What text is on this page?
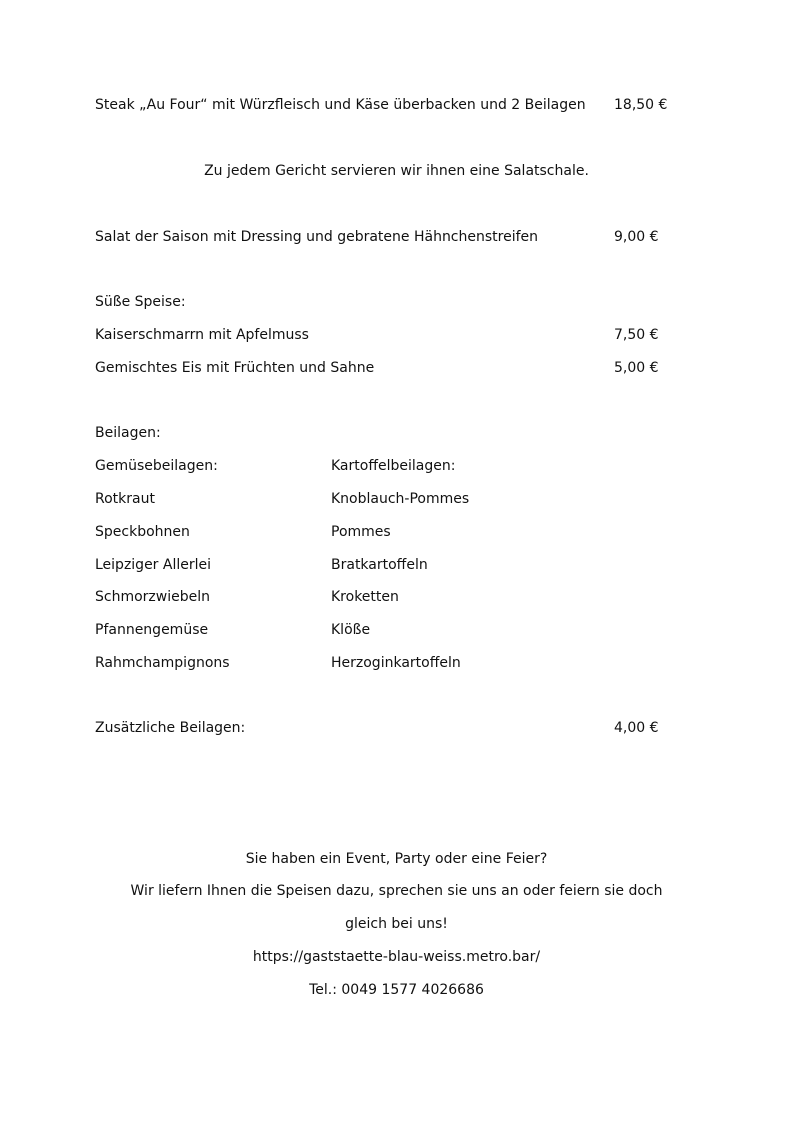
Steak „Au Four“ mit Würzfleisch und Käse überbacken und 2 Beilagen 18,50 €
Zu jedem Gericht servieren wir ihnen eine Salatschale.
Salat der Saison mit Dressing und gebratene Hähnchenstreifen	9,00 €
Süße Speise:
Kaiserschmarrn mit Apfelmuss	7,50 €
Gemischtes Eis mit Früchten und Sahne	5,00 €
Beilagen:
Gemüsebeilagen:	Kartoffelbeilagen:
Rotkraut	Knoblauch-Pommes
Speckbohnen	Pommes
Leipziger Allerlei	Bratkartoffeln
Schmorzwiebeln	Kroketten
Pfannengemüse	Klöße
Rahmchampignons	Herzoginkartoffeln
Zusätzliche Beilagen:	4,00 €
Sie haben ein Event, Party oder eine Feier?
Wir liefern Ihnen die Speisen dazu, sprechen sie uns an oder feiern sie doch
gleich bei uns!
https://gaststaette-blau-weiss.metro.bar/
Tel.: 0049 1577 4026686
